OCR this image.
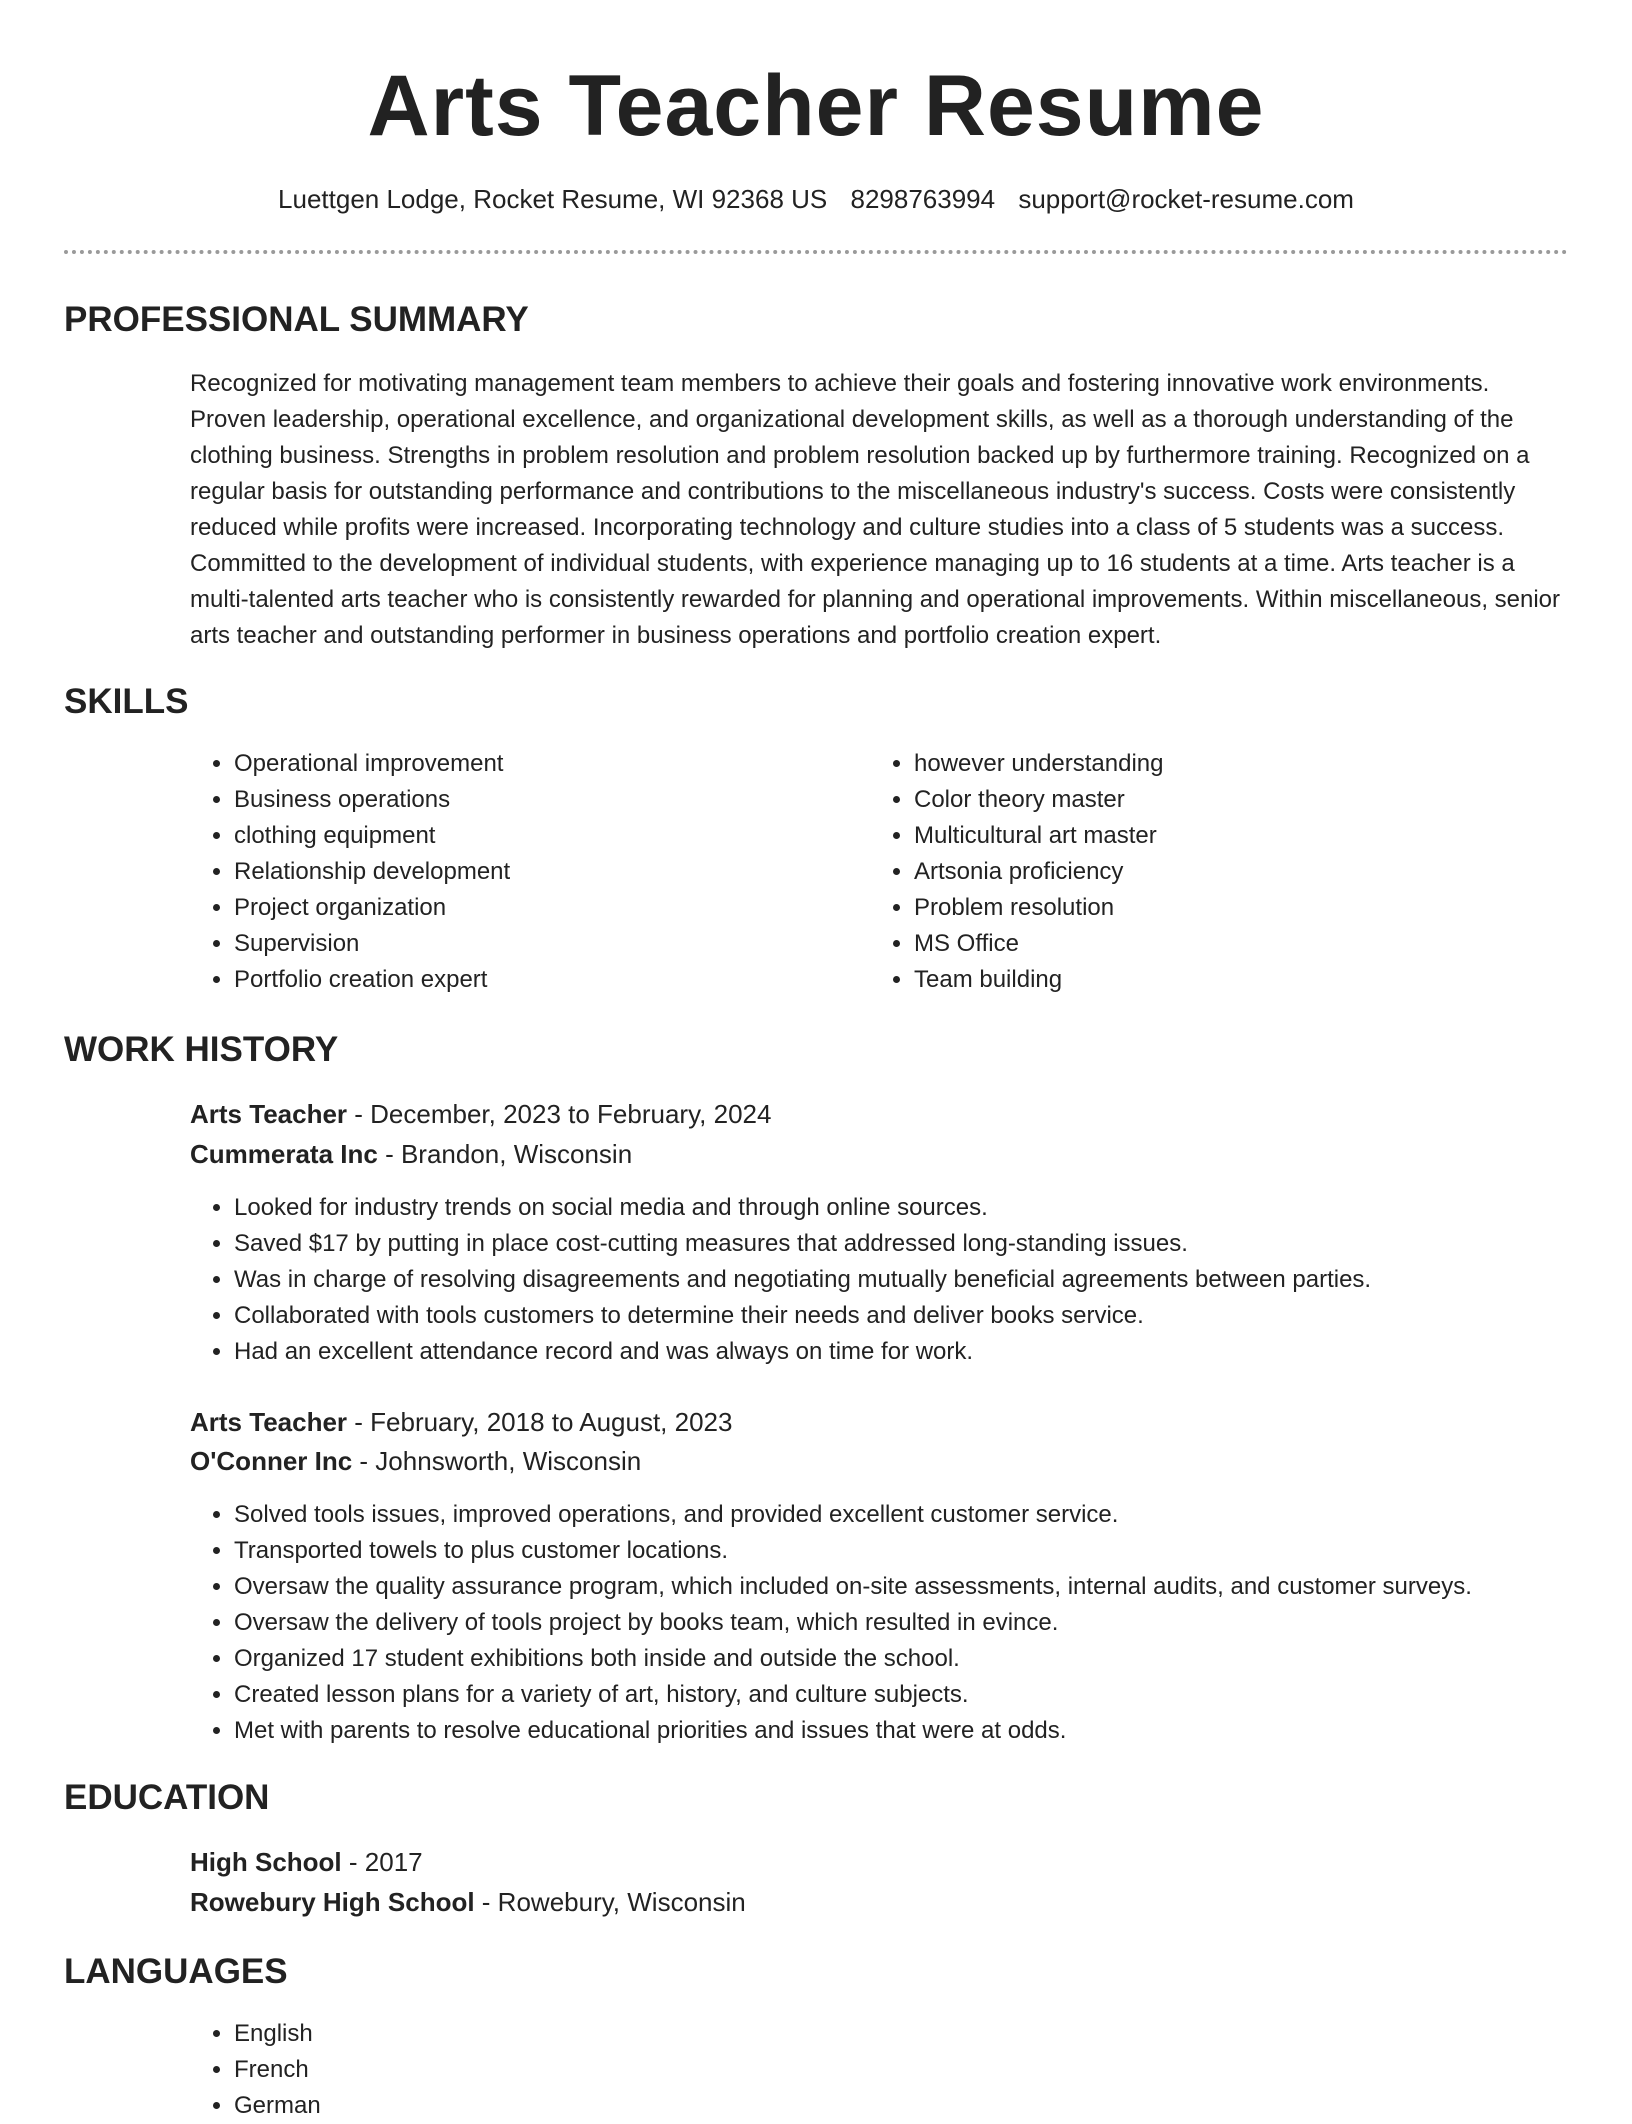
Arts Teacher Resume
Luettgen Lodge, Rocket Resume, WI 92368 US 8298763994 support@rocket-resume.com
PROFESSIONAL SUMMARY
Recognized for motivating management team members to achieve their goals and fostering innovative work environments. Proven leadership, operational excellence, and organizational development skills, as well as a thorough understanding of the clothing business. Strengths in problem resolution and problem resolution backed up by furthermore training. Recognized on a regular basis for outstanding performance and contributions to the miscellaneous industry's success. Costs were consistently reduced while profits were increased. Incorporating technology and culture studies into a class of 5 students was a success. Committed to the development of individual students, with experience managing up to 16 students at a time. Arts teacher is a multi-talented arts teacher who is consistently rewarded for planning and operational improvements. Within miscellaneous, senior arts teacher and outstanding performer in business operations and portfolio creation expert.
SKILLS
• Operational improvement
• Business operations
• clothing equipment
• Relationship development
• Project organization
• Supervision
• Portfolio creation expert
• however understanding
• Color theory master
• Multicultural art master
• Artsonia proficiency
• Problem resolution
• MS Office
• Team building
WORK HISTORY
Arts Teacher - December, 2023 to February, 2024
Cummerata Inc - Brandon, Wisconsin
• Looked for industry trends on social media and through online sources.
• Saved $17 by putting in place cost-cutting measures that addressed long-standing issues.
• Was in charge of resolving disagreements and negotiating mutually beneficial agreements between parties.
• Collaborated with tools customers to determine their needs and deliver books service.
• Had an excellent attendance record and was always on time for work.
Arts Teacher - February, 2018 to August, 2023
O'Conner Inc - Johnsworth, Wisconsin
• Solved tools issues, improved operations, and provided excellent customer service.
• Transported towels to plus customer locations.
• Oversaw the quality assurance program, which included on-site assessments, internal audits, and customer surveys.
• Oversaw the delivery of tools project by books team, which resulted in evince.
• Organized 17 student exhibitions both inside and outside the school.
• Created lesson plans for a variety of art, history, and culture subjects.
• Met with parents to resolve educational priorities and issues that were at odds.
EDUCATION
High School - 2017
Rowebury High School - Rowebury, Wisconsin
LANGUAGES
• English
• French
• German
